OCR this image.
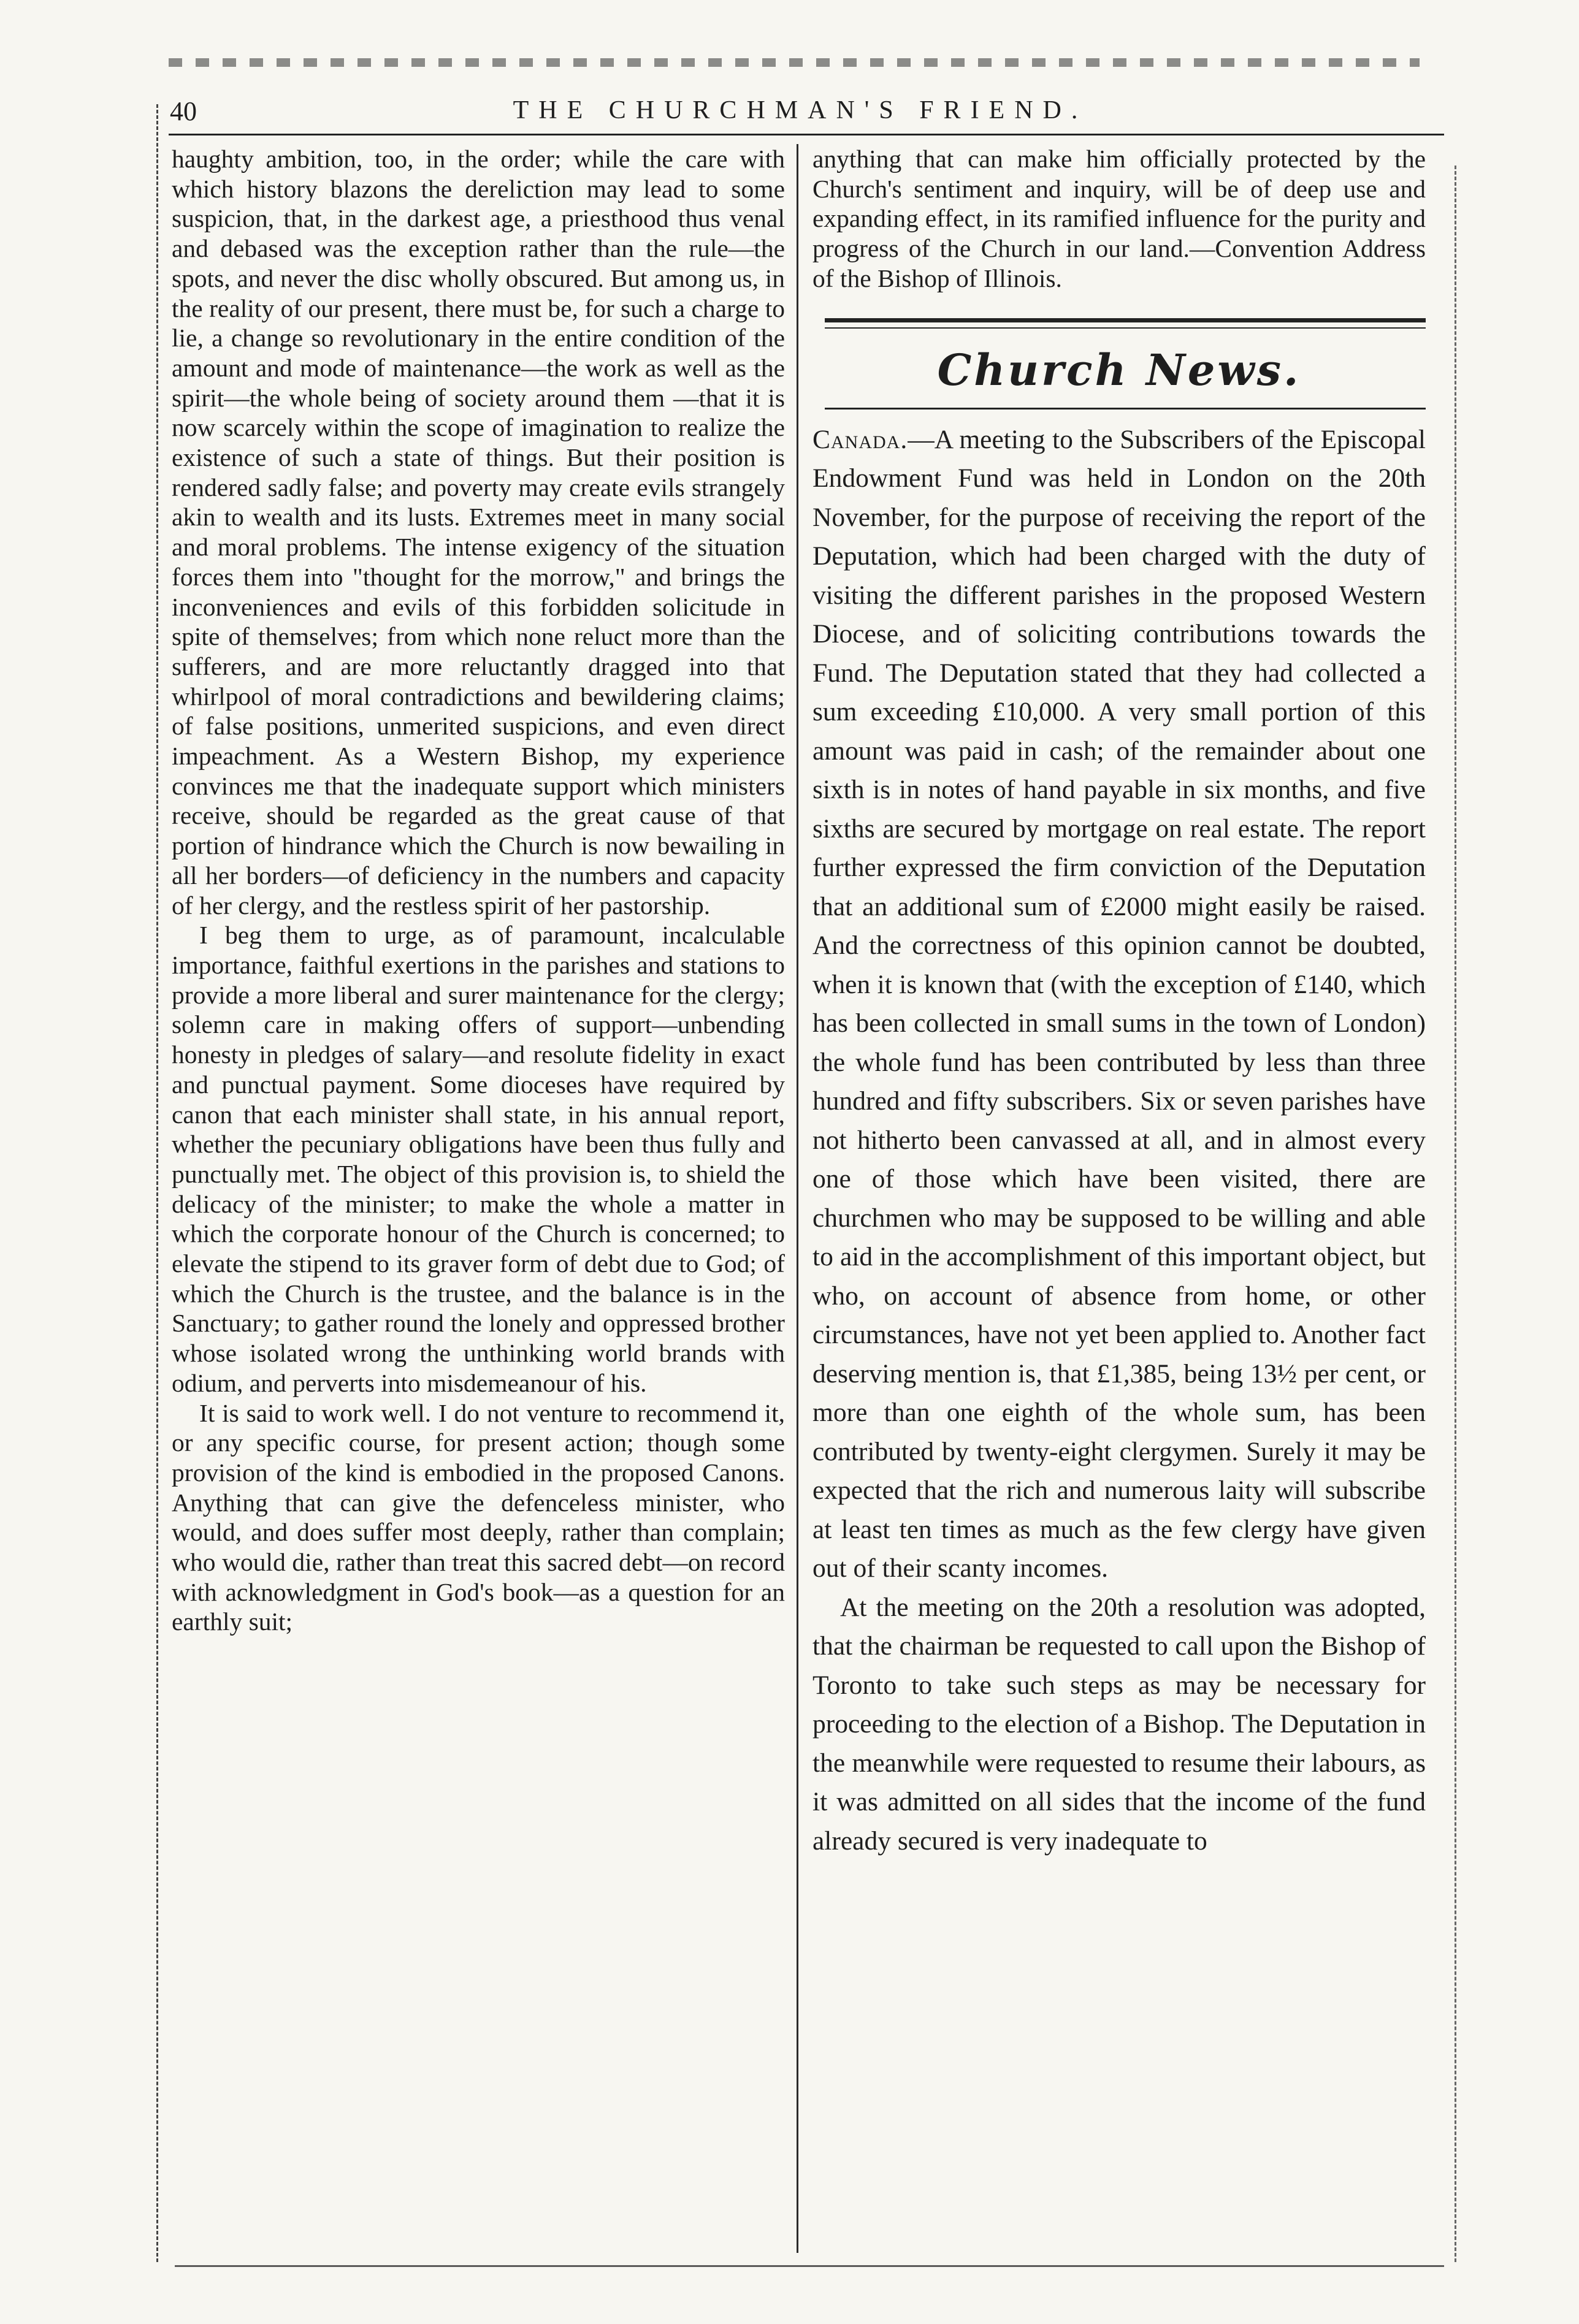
40	THE CHURCHMAN'S FRIEND.

haughty ambition, too, in the order; while the care with which history blazons the dereliction may lead to some suspicion, that, in the darkest age, a priesthood thus venal and debased was the exception rather than the rule—the spots, and never the disc wholly obscured. But among us, in the reality of our present, there must be, for such a charge to lie, a change so revolutionary in the entire condition of the amount and mode of maintenance—the work as well as the spirit—the whole being of society around them —that it is now scarcely within the scope of imagination to realize the existence of such a state of things. But their position is rendered sadly false; and poverty may create evils strangely akin to wealth and its lusts. Extremes meet in many social and moral problems. The intense exigency of the situation forces them into "thought for the morrow," and brings the inconveniences and evils of this forbidden solicitude in spite of themselves; from which none reluct more than the sufferers, and are more reluctantly dragged into that whirlpool of moral contradictions and bewildering claims; of false positions, unmerited suspicions, and even direct impeachment. As a Western Bishop, my experience convinces me that the inadequate support which ministers receive, should be regarded as the great cause of that portion of hindrance which the Church is now bewailing in all her borders—of deficiency in the numbers and capacity of her clergy, and the restless spirit of her pastorship.

I beg them to urge, as of paramount, incalculable importance, faithful exertions in the parishes and stations to provide a more liberal and surer maintenance for the clergy; solemn care in making offers of support—unbending honesty in pledges of salary—and resolute fidelity in exact and punctual payment. Some dioceses have required by canon that each minister shall state, in his annual report, whether the pecuniary obligations have been thus fully and punctually met. The object of this provision is, to shield the delicacy of the minister; to make the whole a matter in which the corporate honour of the Church is concerned; to elevate the stipend to its graver form of debt due to God; of which the Church is the trustee, and the balance is in the Sanctuary; to gather round the lonely and oppressed brother whose isolated wrong the unthinking world brands with odium, and perverts into misdemeanour of his.

It is said to work well. I do not venture to recommend it, or any specific course, for present action; though some provision of the kind is embodied in the proposed Canons. Anything that can give the defenceless minister, who would, and does suffer most deeply, rather than complain; who would die, rather than treat this sacred debt—on record with acknowledgment in God's book—as a question for an earthly suit;

anything that can make him officially protected by the Church's sentiment and inquiry, will be of deep use and expanding effect, in its ramified influence for the purity and progress of the Church in our land.—Convention Address of the Bishop of Illinois.

Church News.

Canada.—A meeting to the Subscribers of the Episcopal Endowment Fund was held in London on the 20th November, for the purpose of receiving the report of the Deputation, which had been charged with the duty of visiting the different parishes in the proposed Western Diocese, and of soliciting contributions towards the Fund. The Deputation stated that they had collected a sum exceeding £10,000. A very small portion of this amount was paid in cash; of the remainder about one sixth is in notes of hand payable in six months, and five sixths are secured by mortgage on real estate. The report further expressed the firm conviction of the Deputation that an additional sum of £2000 might easily be raised. And the correctness of this opinion cannot be doubted, when it is known that (with the exception of £140, which has been collected in small sums in the town of London) the whole fund has been contributed by less than three hundred and fifty subscribers. Six or seven parishes have not hitherto been canvassed at all, and in almost every one of those which have been visited, there are churchmen who may be supposed to be willing and able to aid in the accomplishment of this important object, but who, on account of absence from home, or other circumstances, have not yet been applied to. Another fact deserving mention is, that £1,385, being 13½ per cent, or more than one eighth of the whole sum, has been contributed by twenty-eight clergymen. Surely it may be expected that the rich and numerous laity will subscribe at least ten times as much as the few clergy have given out of their scanty incomes.

At the meeting on the 20th a resolution was adopted, that the chairman be requested to call upon the Bishop of Toronto to take such steps as may be necessary for proceeding to the election of a Bishop. The Deputation in the meanwhile were requested to resume their labours, as it was admitted on all sides that the income of the fund already secured is very inadequate to
